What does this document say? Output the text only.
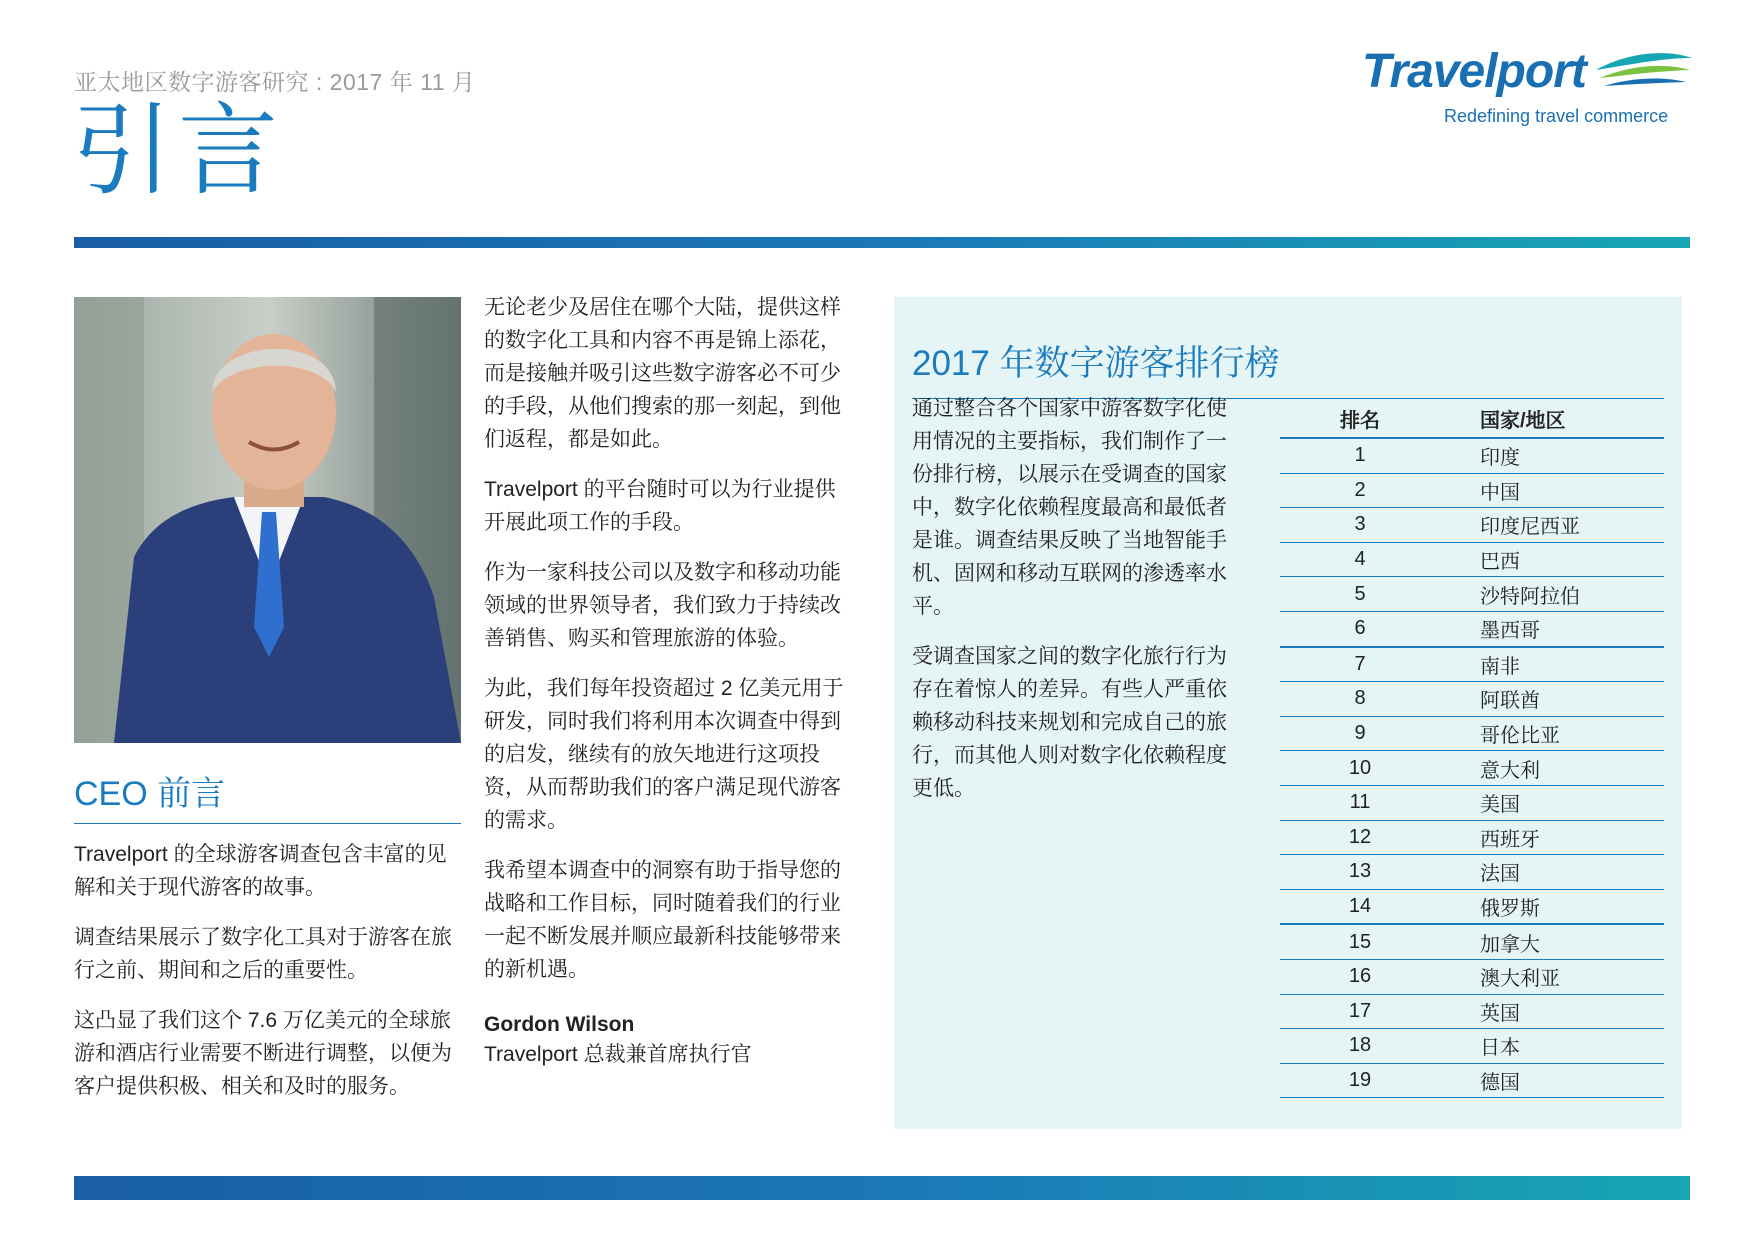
亚太地区数字游客研究 : 2017 年 11 月
引言
Travelport
Redefining travel commerce
CEO 前言

Travelport 的全球游客调查包含丰富的见解和关于现代游客的故事。

调查结果展示了数字化工具对于游客在旅行之前、期间和之后的重要性。

这凸显了我们这个 7.6 万亿美元的全球旅游和酒店行业需要不断进行调整，以便为客户提供积极、相关和及时的服务。

无论老少及居住在哪个大陆，提供这样的数字化工具和内容不再是锦上添花，而是接触并吸引这些数字游客必不可少的手段，从他们搜索的那一刻起，到他们返程，都是如此。

Travelport 的平台随时可以为行业提供开展此项工作的手段。

作为一家科技公司以及数字和移动功能领域的世界领导者，我们致力于持续改善销售、购买和管理旅游的体验。

为此，我们每年投资超过 2 亿美元用于研发，同时我们将利用本次调查中得到的启发，继续有的放矢地进行这项投资，从而帮助我们的客户满足现代游客的需求。

我希望本调查中的洞察有助于指导您的战略和工作目标，同时随着我们的行业一起不断发展并顺应最新科技能够带来的新机遇。

Gordon Wilson
Travelport 总裁兼首席执行官
2017 年数字游客排行榜

通过整合各个国家中游客数字化使用情况的主要指标，我们制作了一份排行榜，以展示在受调查的国家中，数字化依赖程度最高和最低者是谁。调查结果反映了当地智能手机、固网和移动互联网的渗透率水平。

受调查国家之间的数字化旅行行为存在着惊人的差异。有些人严重依赖移动科技来规划和完成自己的旅行，而其他人则对数字化依赖程度更低。

排名	国家/地区
1	印度
2	中国
3	印度尼西亚
4	巴西
5	沙特阿拉伯
6	墨西哥
7	南非
8	阿联酋
9	哥伦比亚
10	意大利
11	美国
12	西班牙
13	法国
14	俄罗斯
15	加拿大
16	澳大利亚
17	英国
18	日本
19	德国
